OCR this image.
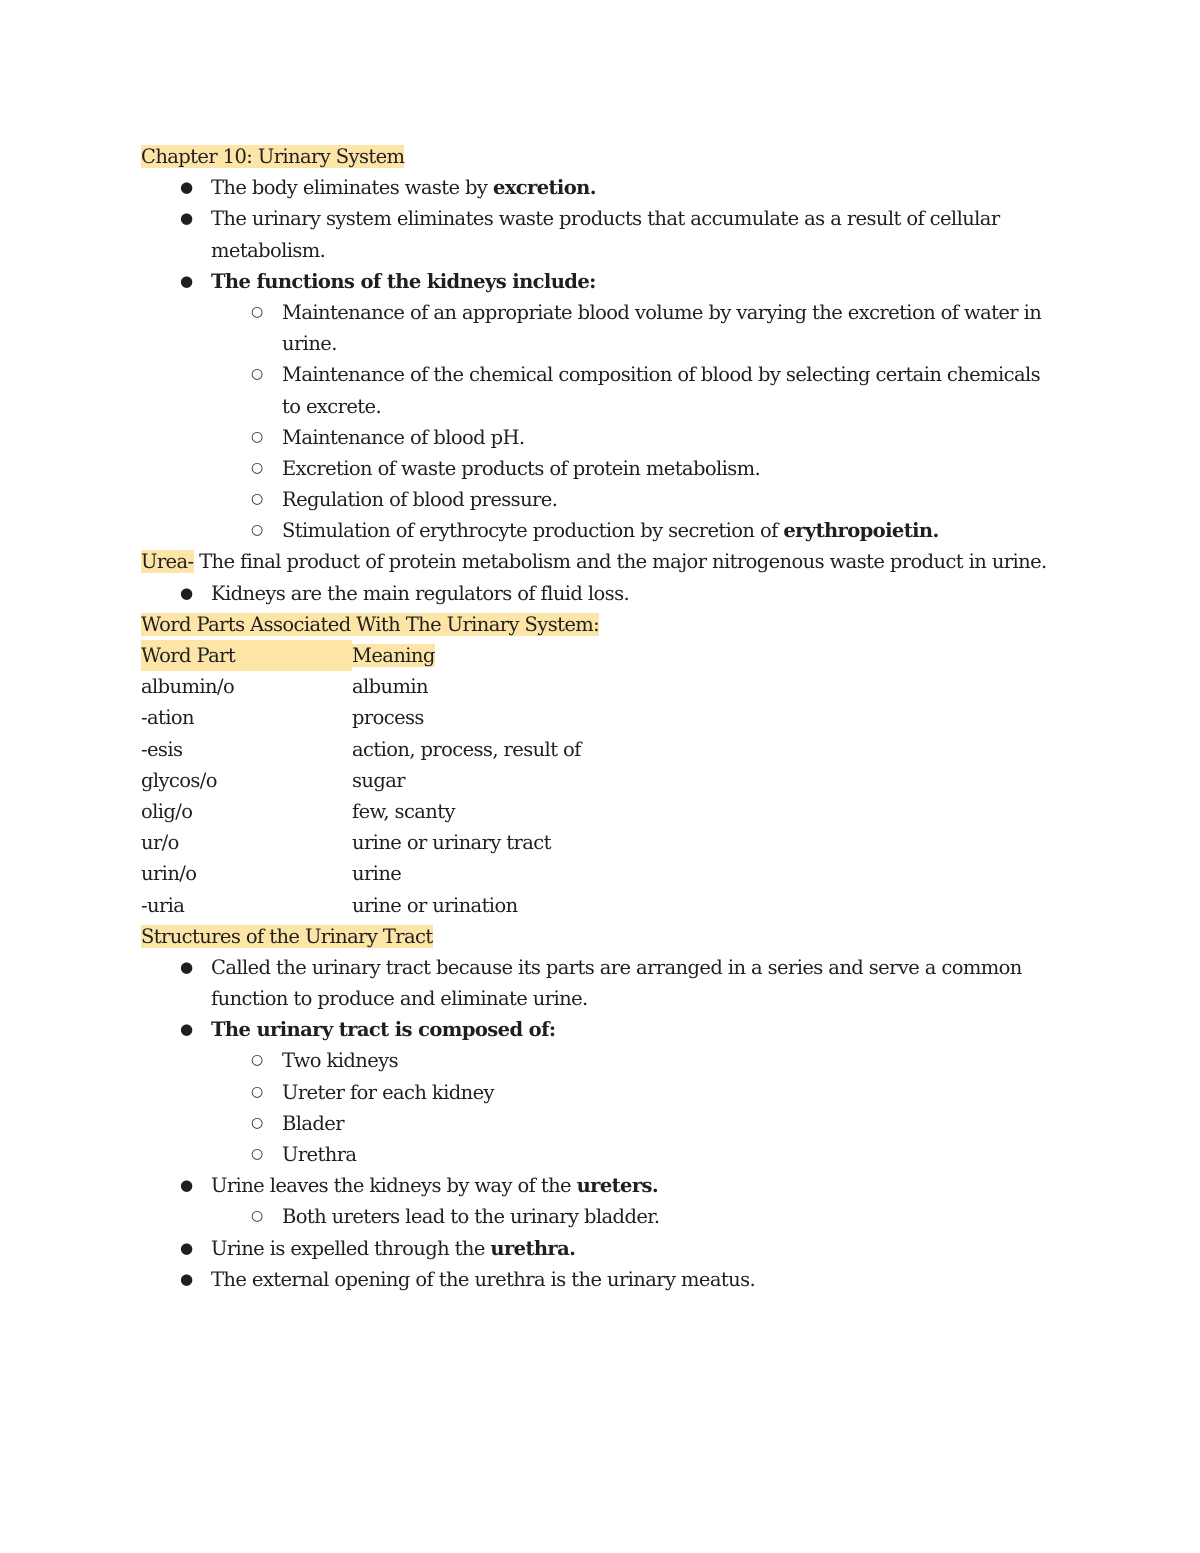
Chapter 10: Urinary System
● The body eliminates waste by excretion.
● The urinary system eliminates waste products that accumulate as a result of cellular
metabolism.
● The functions of the kidneys include:
○ Maintenance of an appropriate blood volume by varying the excretion of water in
urine.
○ Maintenance of the chemical composition of blood by selecting certain chemicals
to excrete.
○ Maintenance of blood pH.
○ Excretion of waste products of protein metabolism.
○ Regulation of blood pressure.
○ Stimulation of erythrocyte production by secretion of erythropoietin.
Urea- The final product of protein metabolism and the major nitrogenous waste product in urine.
● Kidneys are the main regulators of fluid loss.
Word Parts Associated With The Urinary System:
Word Part	Meaning
albumin/o	albumin
-ation	process
-esis	action, process, result of
glycos/o	sugar
olig/o	few, scanty
ur/o	urine or urinary tract
urin/o	urine
-uria	urine or urination
Structures of the Urinary Tract
● Called the urinary tract because its parts are arranged in a series and serve a common
function to produce and eliminate urine.
● The urinary tract is composed of:
○ Two kidneys
○ Ureter for each kidney
○ Blader
○ Urethra
● Urine leaves the kidneys by way of the ureters.
○ Both ureters lead to the urinary bladder.
● Urine is expelled through the urethra.
● The external opening of the urethra is the urinary meatus.
